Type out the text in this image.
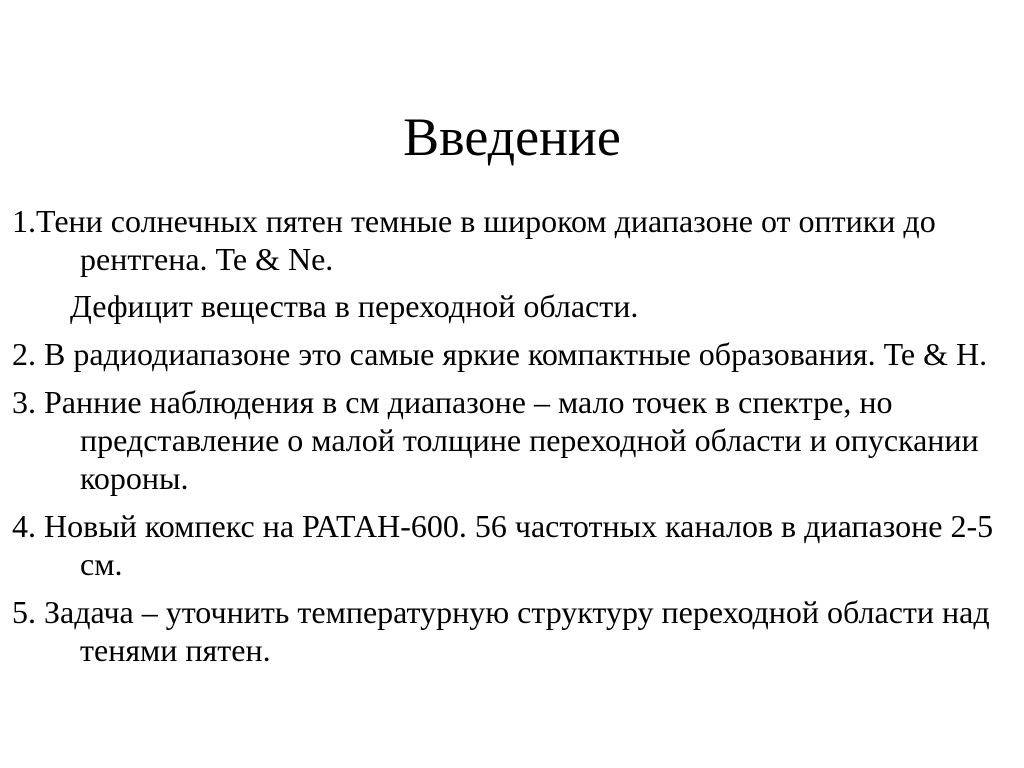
Введение
1.Тени солнечных пятен темные в широком диапазоне от оптики до рентгена. Te & Ne.
Дефицит вещества в переходной области.
2. В радиодиапазоне это самые яркие компактные образования. Te & H.
3. Ранние наблюдения в см диапазоне – мало точек в спектре, но представление о малой толщине переходной области и опускании короны.
4. Новый компекс на РАТАН-600. 56 частотных каналов в диапазоне 2-5 см.
5. Задача – уточнить температурную структуру переходной области над тенями пятен.
